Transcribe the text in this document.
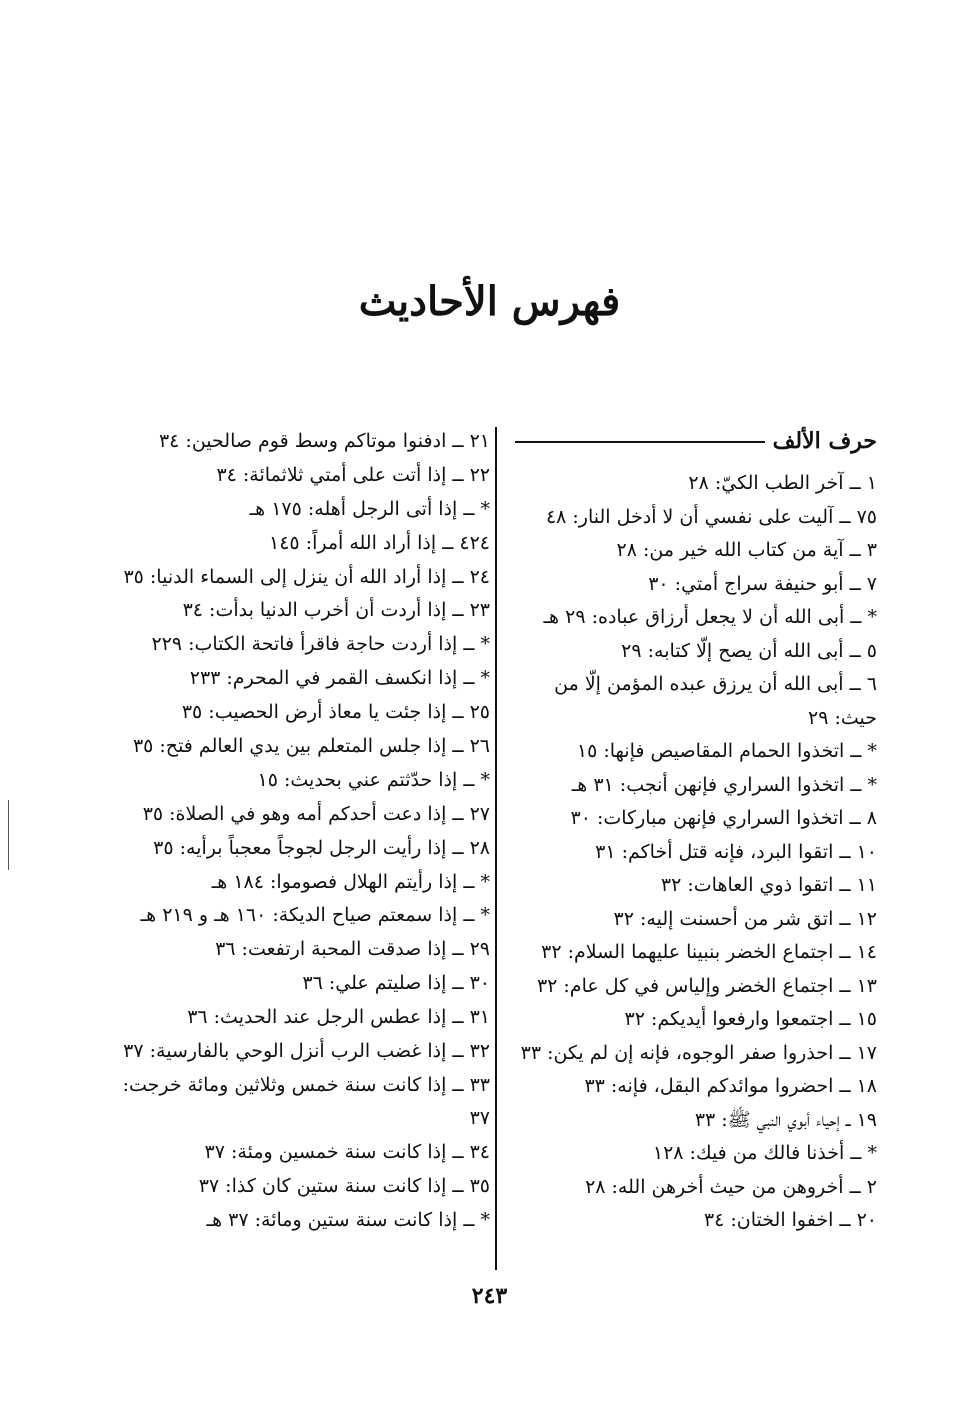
فهرس الأحاديث
حرف الألف
١ ــ آخر الطب الكيّ: ٢٨
٧٥ ــ آليت على نفسي أن لا أدخل النار: ٤٨
٣ ــ آية من كتاب الله خير من: ٢٨
٧ ــ أبو حنيفة سراج أمتي: ٣٠
* ــ أبى الله أن لا يجعل أرزاق عباده: ٢٩ هـ
٥ ــ أبى الله أن يصح إلّا كتابه: ٢٩
٦ ــ أبى الله أن يرزق عبده المؤمن إلّا من حيث: ٢٩
* ــ اتخذوا الحمام المقاصيص فإنها: ١٥
* ــ اتخذوا السراري فإنهن أنجب: ٣١ هـ
٨ ــ اتخذوا السراري فإنهن مباركات: ٣٠
١٠ ــ اتقوا البرد، فإنه قتل أخاكم: ٣١
١١ ــ اتقوا ذوي العاهات: ٣٢
١٢ ــ اتق شر من أحسنت إليه: ٣٢
١٤ ــ اجتماع الخضر بنبينا عليهما السلام: ٣٢
١٣ ــ اجتماع الخضر وإلياس في كل عام: ٣٢
١٥ ــ اجتمعوا وارفعوا أيديكم: ٣٢
١٧ ــ احذروا صفر الوجوه، فإنه إن لم يكن: ٣٣
١٨ ــ احضروا موائدكم البقل، فإنه: ٣٣
١٩ ــ إحياء أبوي النبي ﷺ: ٣٣
* ــ أخذنا فالك من فيك: ١٢٨
٢ ــ أخروهن من حيث أخرهن الله: ٢٨
٢٠ ــ اخفوا الختان: ٣٤
٢١ ــ ادفنوا موتاكم وسط قوم صالحين: ٣٤
٢٢ ــ إذا أتت على أمتي ثلاثمائة: ٣٤
* ــ إذا أتى الرجل أهله: ١٧٥ هـ
٤٢٤ ــ إذا أراد الله أمراً: ١٤٥
٢٤ ــ إذا أراد الله أن ينزل إلى السماء الدنيا: ٣٥
٢٣ ــ إذا أردت أن أخرب الدنيا بدأت: ٣٤
* ــ إذا أردت حاجة فاقرأ فاتحة الكتاب: ٢٢٩
* ــ إذا انكسف القمر في المحرم: ٢٣٣
٢٥ ــ إذا جئت يا معاذ أرض الحصيب: ٣٥
٢٦ ــ إذا جلس المتعلم بين يدي العالم فتح: ٣٥
* ــ إذا حدّثتم عني بحديث: ١٥
٢٧ ــ إذا دعت أحدكم أمه وهو في الصلاة: ٣٥
٢٨ ــ إذا رأيت الرجل لجوجاً معجباً برأيه: ٣٥
* ــ إذا رأيتم الهلال فصوموا: ١٨٤ هـ
* ــ إذا سمعتم صياح الديكة: ١٦٠ هـ و ٢١٩ هـ
٢٩ ــ إذا صدقت المحبة ارتفعت: ٣٦
٣٠ ــ إذا صليتم علي: ٣٦
٣١ ــ إذا عطس الرجل عند الحديث: ٣٦
٣٢ ــ إذا غضب الرب أنزل الوحي بالفارسية: ٣٧
٣٣ ــ إذا كانت سنة خمس وثلاثين ومائة خرجت: ٣٧
٣٤ ــ إذا كانت سنة خمسين ومئة: ٣٧
٣٥ ــ إذا كانت سنة ستين كان كذا: ٣٧
* ــ إذا كانت سنة ستين ومائة: ٣٧ هـ
٢٤٣
